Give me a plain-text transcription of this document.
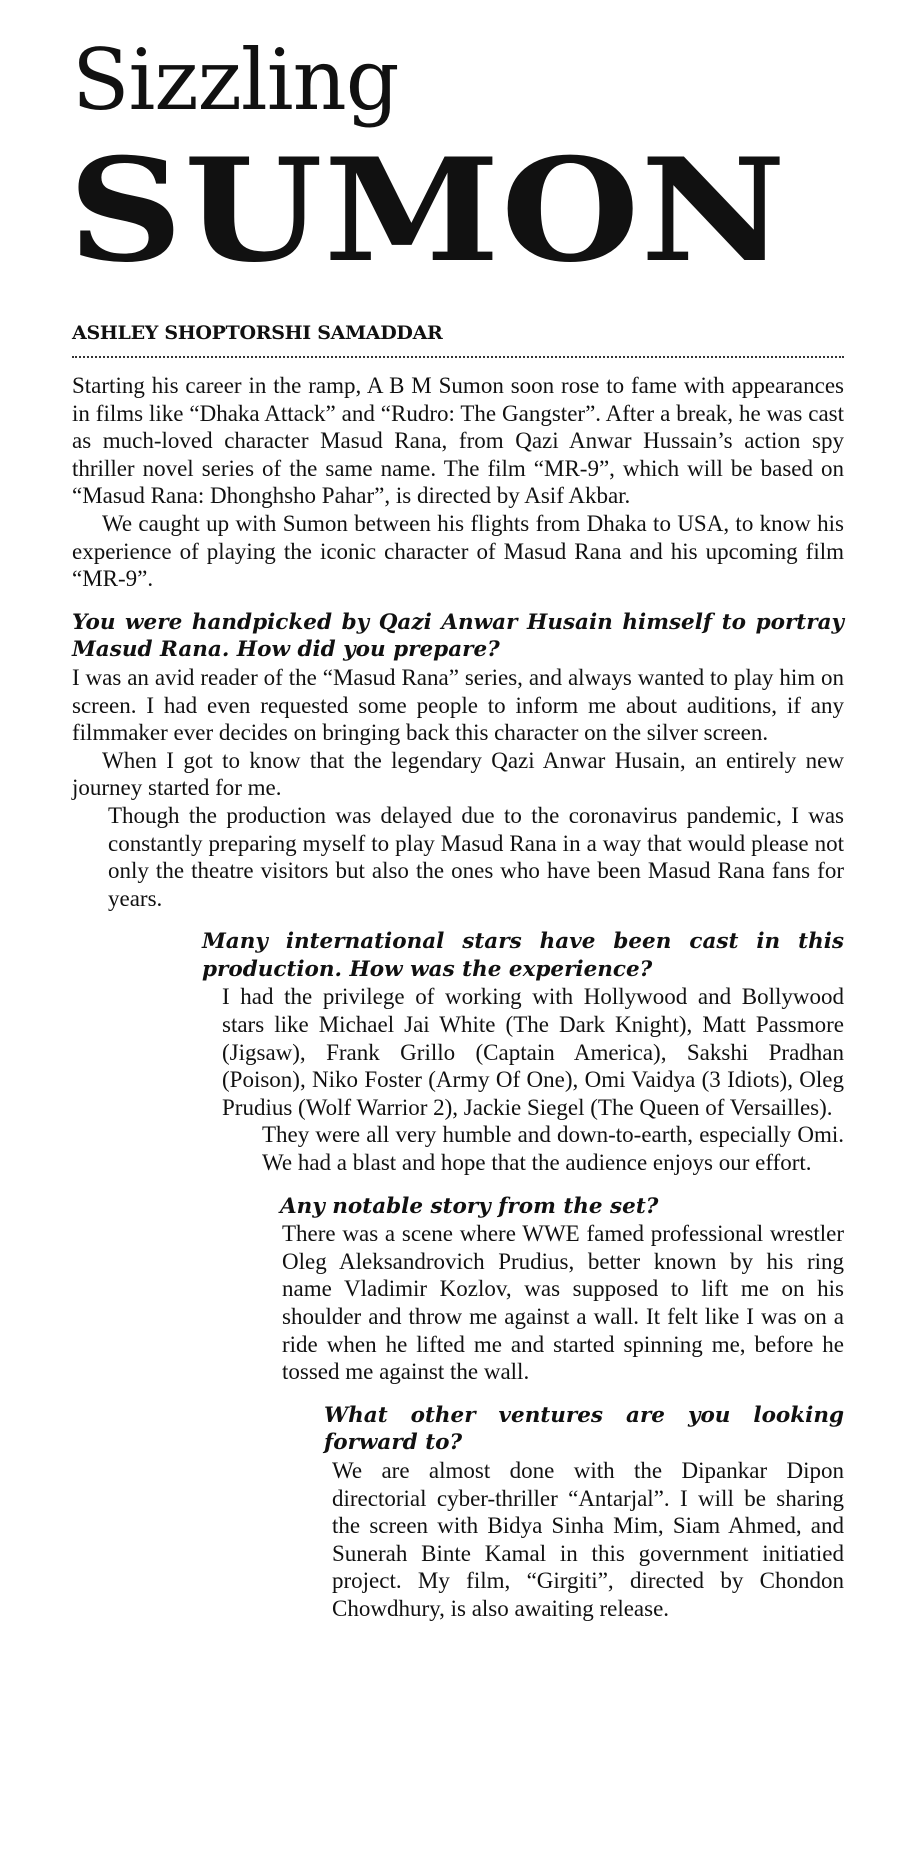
Sizzling
SUMON
ASHLEY SHOPTORSHI SAMADDAR

Starting his career in the ramp, A B M Sumon soon rose to fame with appearances in films like “Dhaka Attack” and “Rudro: The Gangster”. After a break, he was cast as much-loved character Masud Rana, from Qazi Anwar Hussain’s action spy thriller novel series of the same name. The film “MR-9”, which will be based on “Masud Rana: Dhonghsho Pahar”, is directed by Asif Akbar.

We caught up with Sumon between his flights from Dhaka to USA, to know his experience of playing the iconic character of Masud Rana and his upcoming film “MR-9”.

You were handpicked by Qazi Anwar Husain himself to portray Masud Rana. How did you prepare?

I was an avid reader of the “Masud Rana” series, and always wanted to play him on screen. I had even requested some people to inform me about auditions, if any filmmaker ever decides on bringing back this character on the silver screen.

When I got to know that the legendary Qazi Anwar Husain, an entirely new journey started for me.

Though the production was delayed due to the coronavirus pandemic, I was constantly preparing myself to play Masud Rana in a way that would please not only the theatre visitors but also the ones who have been Masud Rana fans for years.

Many international stars have been cast in this production. How was the experience?

I had the privilege of working with Hollywood and Bollywood stars like Michael Jai White (The Dark Knight), Matt Passmore (Jigsaw), Frank Grillo (Captain America), Sakshi Pradhan (Poison), Niko Foster (Army Of One), Omi Vaidya (3 Idiots), Oleg Prudius (Wolf Warrior 2), Jackie Siegel (The Queen of Versailles).

They were all very humble and down-to-earth, especially Omi. We had a blast and hope that the audience enjoys our effort.

Any notable story from the set?

There was a scene where WWE famed professional wrestler Oleg Aleksandrovich Prudius, better known by his ring name Vladimir Kozlov, was supposed to lift me on his shoulder and throw me against a wall. It felt like I was on a ride when he lifted me and started spinning me, before he tossed me against the wall.

What other ventures are you looking forward to?

We are almost done with the Dipankar Dipon directorial cyber-thriller “Antarjal”. I will be sharing the screen with Bidya Sinha Mim, Siam Ahmed, and Sunerah Binte Kamal in this government initiatied project. My film, “Girgiti”, directed by Chondon Chowdhury, is also awaiting release.
